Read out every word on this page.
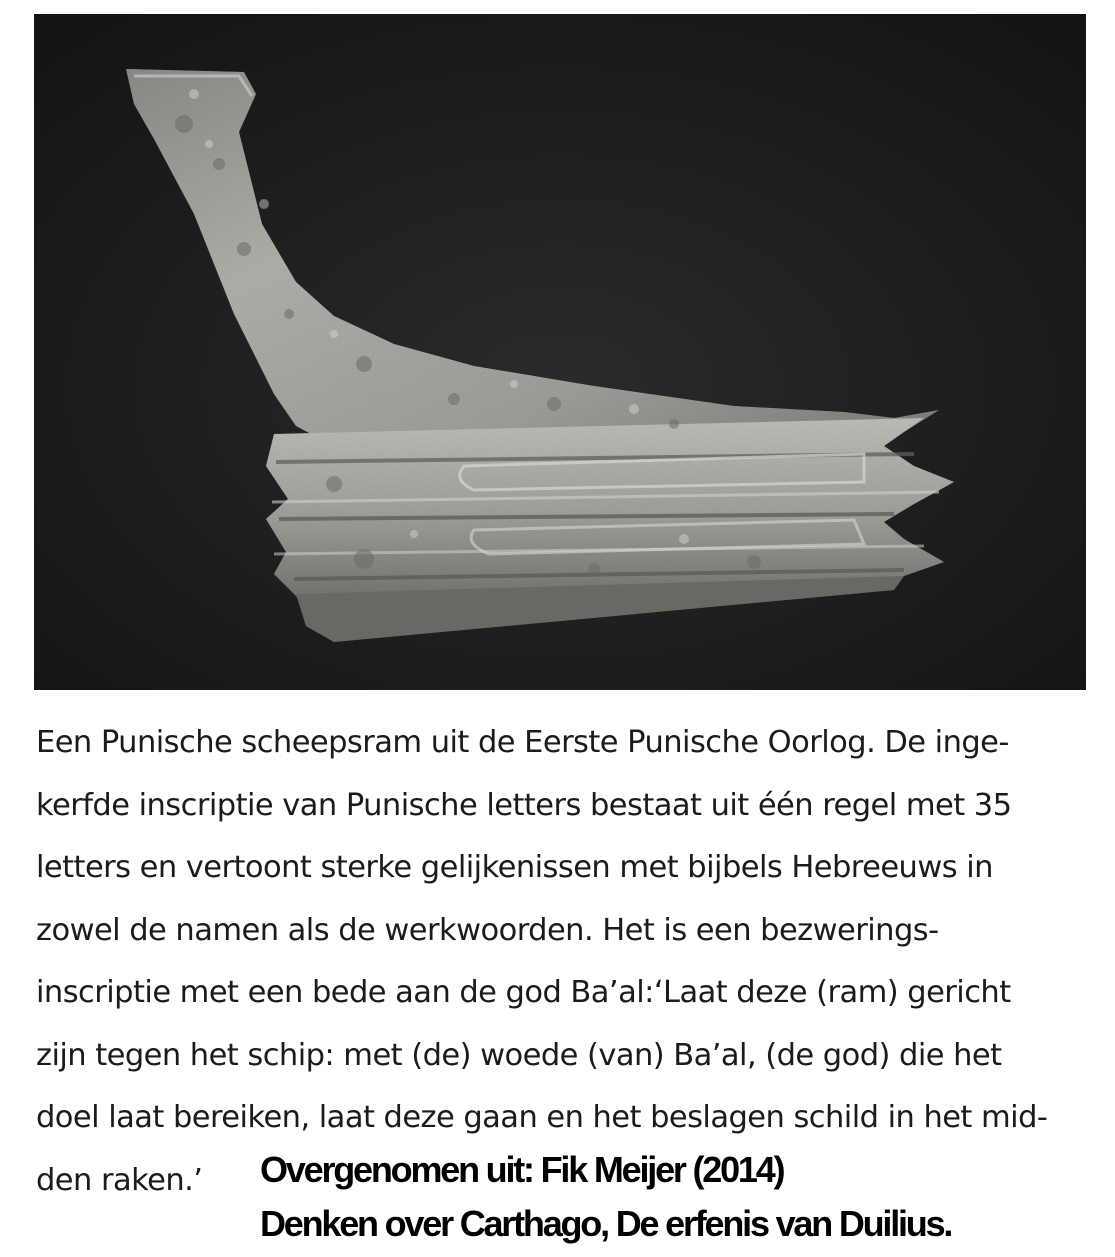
Een Punische scheepsram uit de Eerste Punische Oorlog. De inge-
kerfde inscriptie van Punische letters bestaat uit één regel met 35
letters en vertoont sterke gelijkenissen met bijbels Hebreeuws in
zowel de namen als de werkwoorden. Het is een bezwerings-
inscriptie met een bede aan de god Ba’al:‘Laat deze (ram) gericht
zijn tegen het schip: met (de) woede (van) Ba’al, (de god) die het
doel laat bereiken, laat deze gaan en het beslagen schild in het mid-
den raken.’	Overgenomen uit: Fik Meijer (2014)
Denken over Carthago, De erfenis van Duilius.
